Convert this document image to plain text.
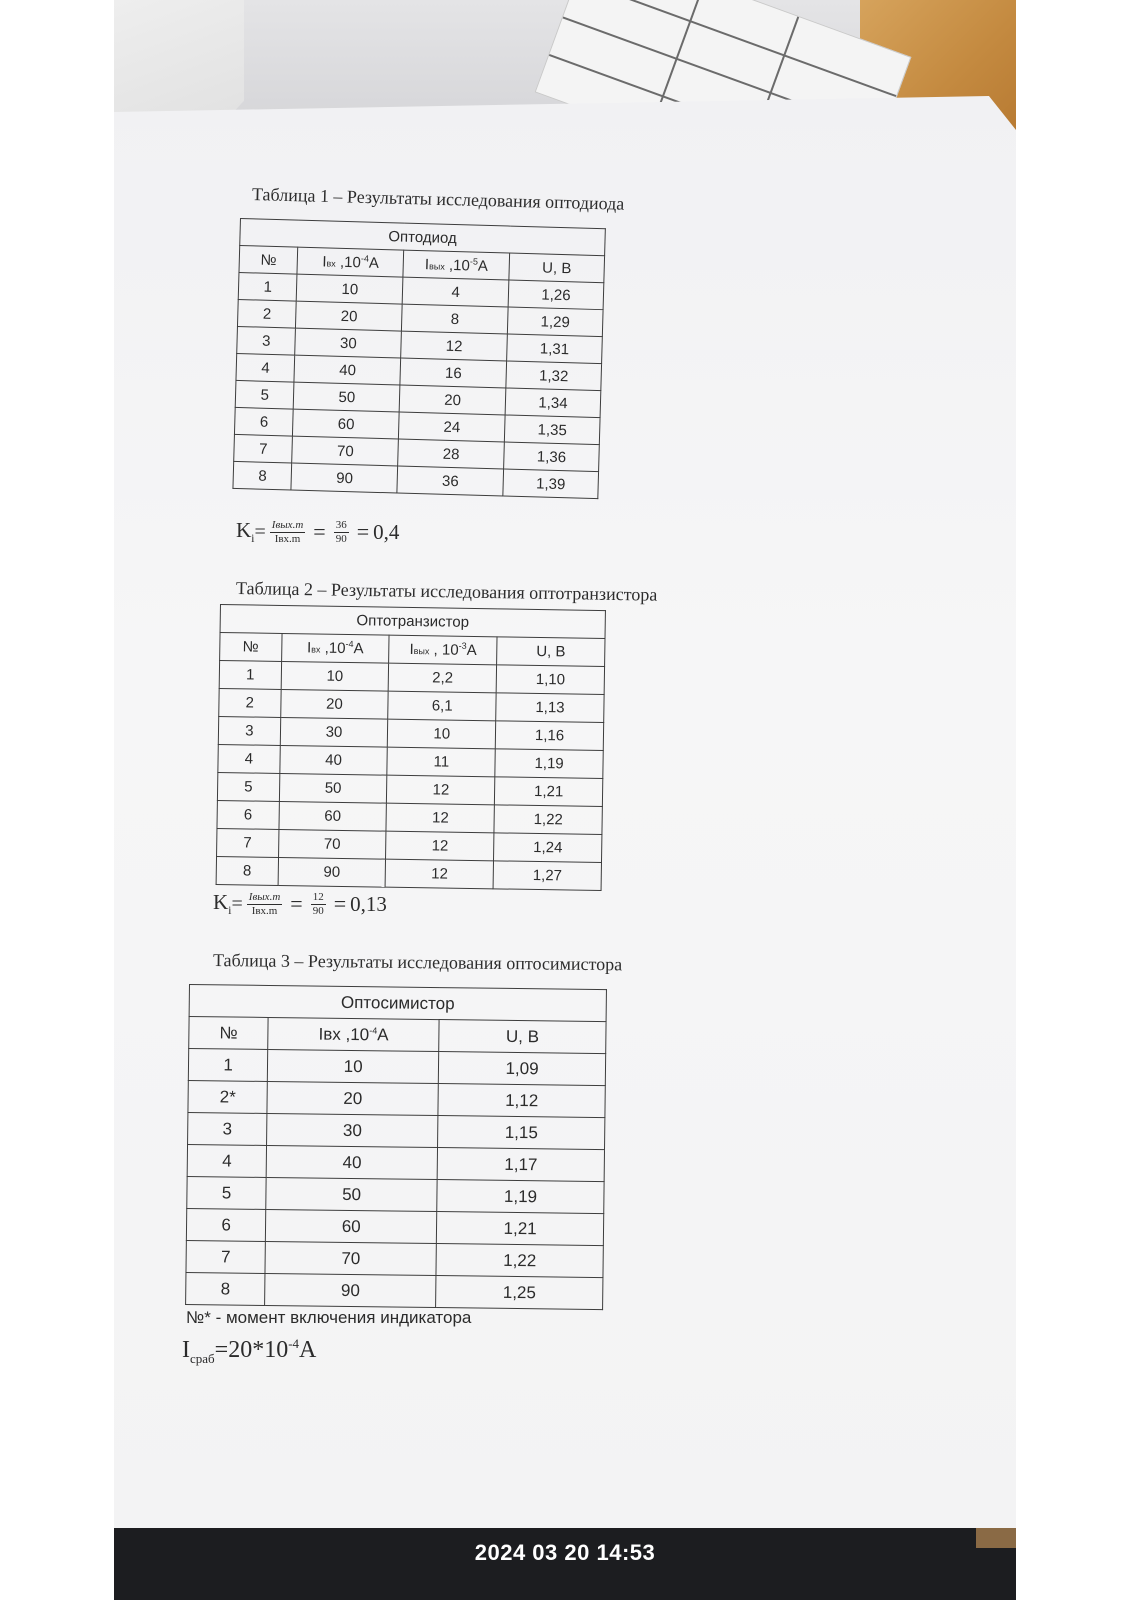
2024 03 20 14:53
Таблица 1 – Результаты исследования оптодиода
Оптодиод			
№	Iвх $,10^{-4}A$	Iвых $,10^{-5}A$	U, B
1	10	4	1,26
2	20	8	1,29
3	30	12	1,31
4	40	16	1,32
5	50	20	1,34
6	60	24	1,35
7	70	28	1,36
8	90	36	1,39
$K_i = \frac{\text{Iвых.m}}{\text{Iвх.m}} = \frac{36}{90} = 0,4$
Таблица 2 – Результаты исследования оптотранзистора
Оптотранзистор			
№	Iвх $,10^{-4}A$	Iвых , $10^{-3}A$	U, B
1	10	2,2	1,10
2	20	6,1	1,13
3	30	10	1,16
4	40	11	1,19
5	50	12	1,21
6	60	12	1,22
7	70	12	1,24
8	90	12	1,27
$K_i = \frac{\text{Iвых.m}}{\text{Iвх.m}} = \frac{12}{90} = 0,13$
Таблица 3 – Результаты исследования оптосимистора
Оптосимистор		
№	Iвх $,10^{-4}A$	U, B
1	10	1,09
2*	20	1,12
3	30	1,15
4	40	1,17
5	50	1,19
6	60	1,21
7	70	1,22
8	90	1,25
№* - момент включения индикатора
$I_{сраб}=20*10^{-4}A$
